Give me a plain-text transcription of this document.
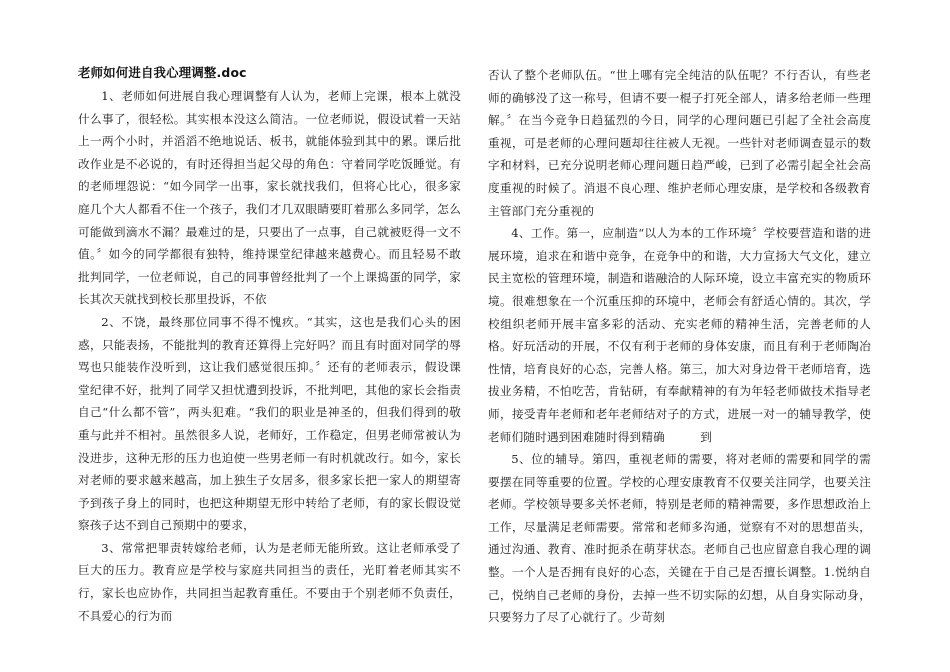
老师如何进自我心理调整.doc

1、老师如何进展自我心理调整有人认为，老师上完课，根本上就没什么事了，很轻松。其实根本没这么简洁。一位老师说，假设试着一天站上一两个小时，并滔滔不绝地说话、板书，就能体验到其中的累。课后批改作业是不必说的，有时还得担当起父母的角色：守着同学吃饭睡觉。有的老师埋怨说：“如今同学一出事，家长就找我们，但将心比心，很多家庭几个大人都看不住一个孩子，我们才几双眼睛要盯着那么多同学，怎么可能做到滴水不漏？最难过的是，只要出了一点事，自己就被贬得一文不值。〞如今的同学都很有独特，维持课堂纪律越来越费心。而且轻易不敢批判同学，一位老师说，自己的同事曾经批判了一个上课捣蛋的同学，家长其次天就找到校长那里投诉，不依

2、不饶，最终那位同事不得不愧疚。“其实，这也是我们心头的困惑，只能表扬，不能批判的教育还算得上完好吗？而且有时面对同学的辱骂也只能装作没听到，这让我们感觉很压抑。〞还有的老师表示，假设课堂纪律不好，批判了同学又担忧遭到投诉，不批判吧，其他的家长会指责自己“什么都不管”，两头犯难。“我们的职业是神圣的，但我们得到的敬重与此并不相衬。虽然很多人说，老师好，工作稳定，但男老师常被认为没进步，这种无形的压力也迫使一些男老师一有时机就改行。如今，家长对老师的要求越来越高，加上独生子女居多，很多家长把一家人的期望寄予到孩子身上的同时，也把这种期望无形中转给了老师，有的家长假设觉察孩子达不到自己预期中的要求，

3、常常把罪责转嫁给老师，认为是老师无能所致。这让老师承受了巨大的压力。教育应是学校与家庭共同担当的责任，光盯着老师其实不行，家长也应协作，共同担当起教育重任。不要由于个别老师不负责任，不具爱心的行为而

否认了整个老师队伍。“世上哪有完全纯洁的队伍呢？不行否认，有些老师的确够没了这一称号，但请不要一棍子打死全部人，请多给老师一些理解。〞在当今竞争日趋猛烈的今日，同学的心理问题已引起了全社会高度重视，可是老师的心理问题却往往被人无视。一些针对老师调查显示的数字和材料，已充分说明老师心理问题日趋严峻，已到了必需引起全社会高度重视的时候了。消退不良心理、维护老师心理安康，是学校和各级教育主管部门充分重视的

4、工作。第一，应制造“以人为本的工作环境〞学校要营造和谐的进展环境，追求在和谐中竞争，在竞争中的和谐，大力宣扬大气文化，建立民主宽松的管理环境，制造和谐融洽的人际环境，设立丰富充实的物质环境。很难想象在一个沉重压抑的环境中，老师会有舒适心情的。其次，学校组织老师开展丰富多彩的活动、充实老师的精神生活，完善老师的人格。好玩活动的开展，不仅有利于老师的身体安康，而且有利于老师陶冶性情，培育良好的心态，完善人格。第三，加大对身边骨干老师培育，选拔业务精，不怕吃苦，肯钻研，有奉献精神的有为年轻老师做技术指导老师，接受青年老师和老年老师结对子的方式，进展一对一的辅导教学，使老师们随时遇到困难随时得到精确　　　到

5、位的辅导。第四，重视老师的需要，将对老师的需要和同学的需要摆在同等重要的位置。学校的心理安康教育不仅要关注同学，也要关注老师。学校领导要多关怀老师，特别是老师的精神需要，多作思想政治上工作，尽量满足老师需要。常常和老师多沟通，觉察有不对的思想苗头，通过沟通、教育、准时扼杀在萌芽状态。老师自己也应留意自我心理的调整。一个人是否拥有良好的心态，关键在于自己是否擅长调整。1.悦纳自己，悦纳自己老师的身份，去掉一些不切实际的幻想，从自身实际动身，只要努力了尽了心就行了。少苛刻
